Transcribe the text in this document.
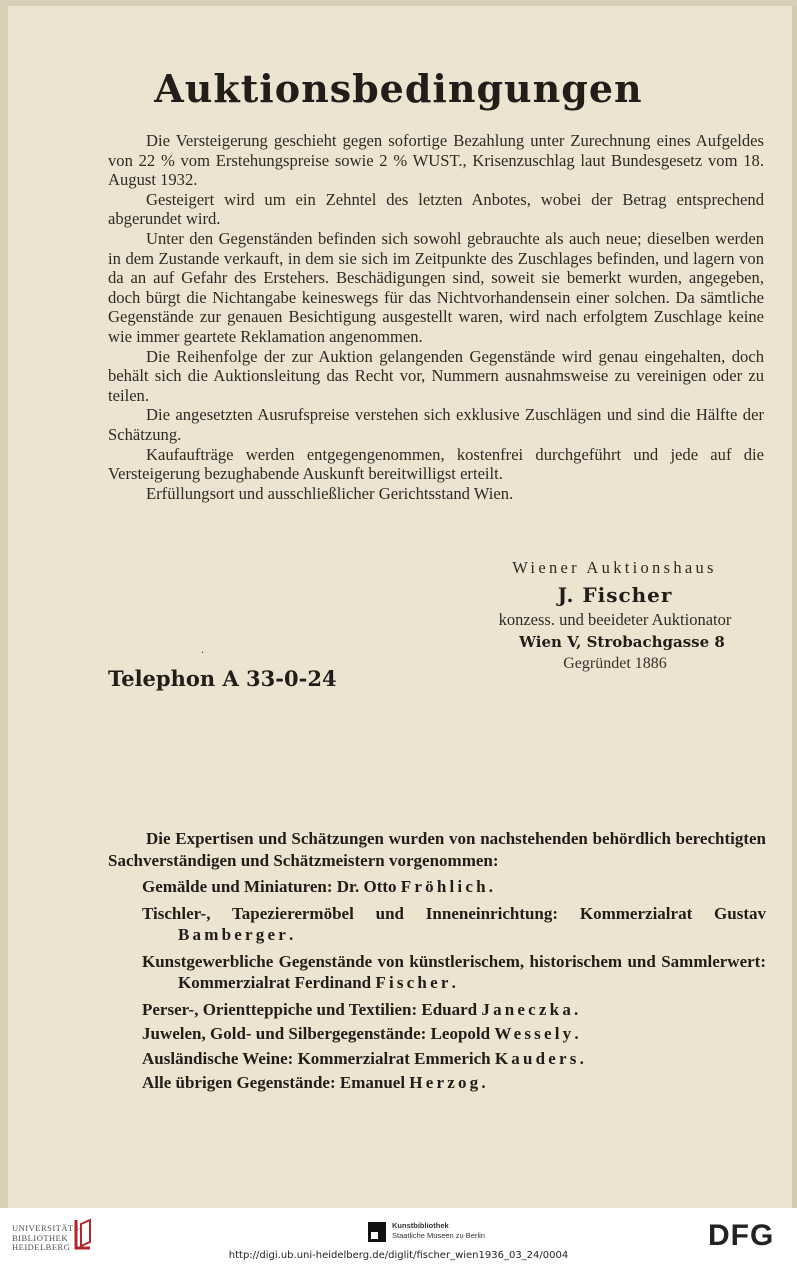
Auktionsbedingungen

Die Versteigerung geschieht gegen sofortige Bezahlung unter Zurechnung eines Aufgeldes von 22 % vom Erstehungspreise sowie 2 % WUST., Krisenzuschlag laut Bundesgesetz vom 18. August 1932.

Gesteigert wird um ein Zehntel des letzten Anbotes, wobei der Betrag entsprechend abgerundet wird.

Unter den Gegenständen befinden sich sowohl gebrauchte als auch neue; dieselben werden in dem Zustande verkauft, in dem sie sich im Zeitpunkte des Zuschlages befinden, und lagern von da an auf Gefahr des Erstehers. Beschädigungen sind, soweit sie bemerkt wurden, angegeben, doch bürgt die Nichtangabe keineswegs für das Nichtvorhandensein einer solchen. Da sämtliche Gegenstände zur genauen Besichtigung ausgestellt waren, wird nach erfolgtem Zuschlage keine wie immer geartete Reklamation angenommen.

Die Reihenfolge der zur Auktion gelangenden Gegenstände wird genau eingehalten, doch behält sich die Auktionsleitung das Recht vor, Nummern ausnahmsweise zu vereinigen oder zu teilen.

Die angesetzten Ausrufspreise verstehen sich exklusive Zuschlägen und sind die Hälfte der Schätzung.

Kaufaufträge werden entgegengenommen, kostenfrei durchgeführt und jede auf die Versteigerung bezughabende Auskunft bereitwilligst erteilt.

Erfüllungsort und ausschließlicher Gerichtsstand Wien.

Wiener Auktionshaus
J. Fischer
konzess. und beeideter Auktionator
Wien V, Strobachgasse 8
Gegründet 1886
·
Telephon A 33-0-24

Die Expertisen und Schätzungen wurden von nachstehenden behördlich berechtigten Sachverständigen und Schätzmeistern vorgenommen:

Gemälde und Miniaturen: Dr. Otto Fröhlich.

Tischler-, Tapezierermöbel und Inneneinrichtung: Kommerzialrat Gustav Bamberger.

Kunstgewerbliche Gegenstände von künstlerischem, historischem und Sammlerwert: Kommerzialrat Ferdinand Fischer.

Perser-, Orientteppiche und Textilien: Eduard Janeczka.

Juwelen, Gold- und Silbergegenstände: Leopold Wessely.

Ausländische Weine: Kommerzialrat Emmerich Kauders.

Alle übrigen Gegenstände: Emanuel Herzog.

UNIVERSITÄTS-
BIBLIOTHEK
HEIDELBERG
Kunstbibliothek
Staatliche Museen zu Berlin	DFG
http://digi.ub.uni-heidelberg.de/diglit/fischer_wien1936_03_24/0004
